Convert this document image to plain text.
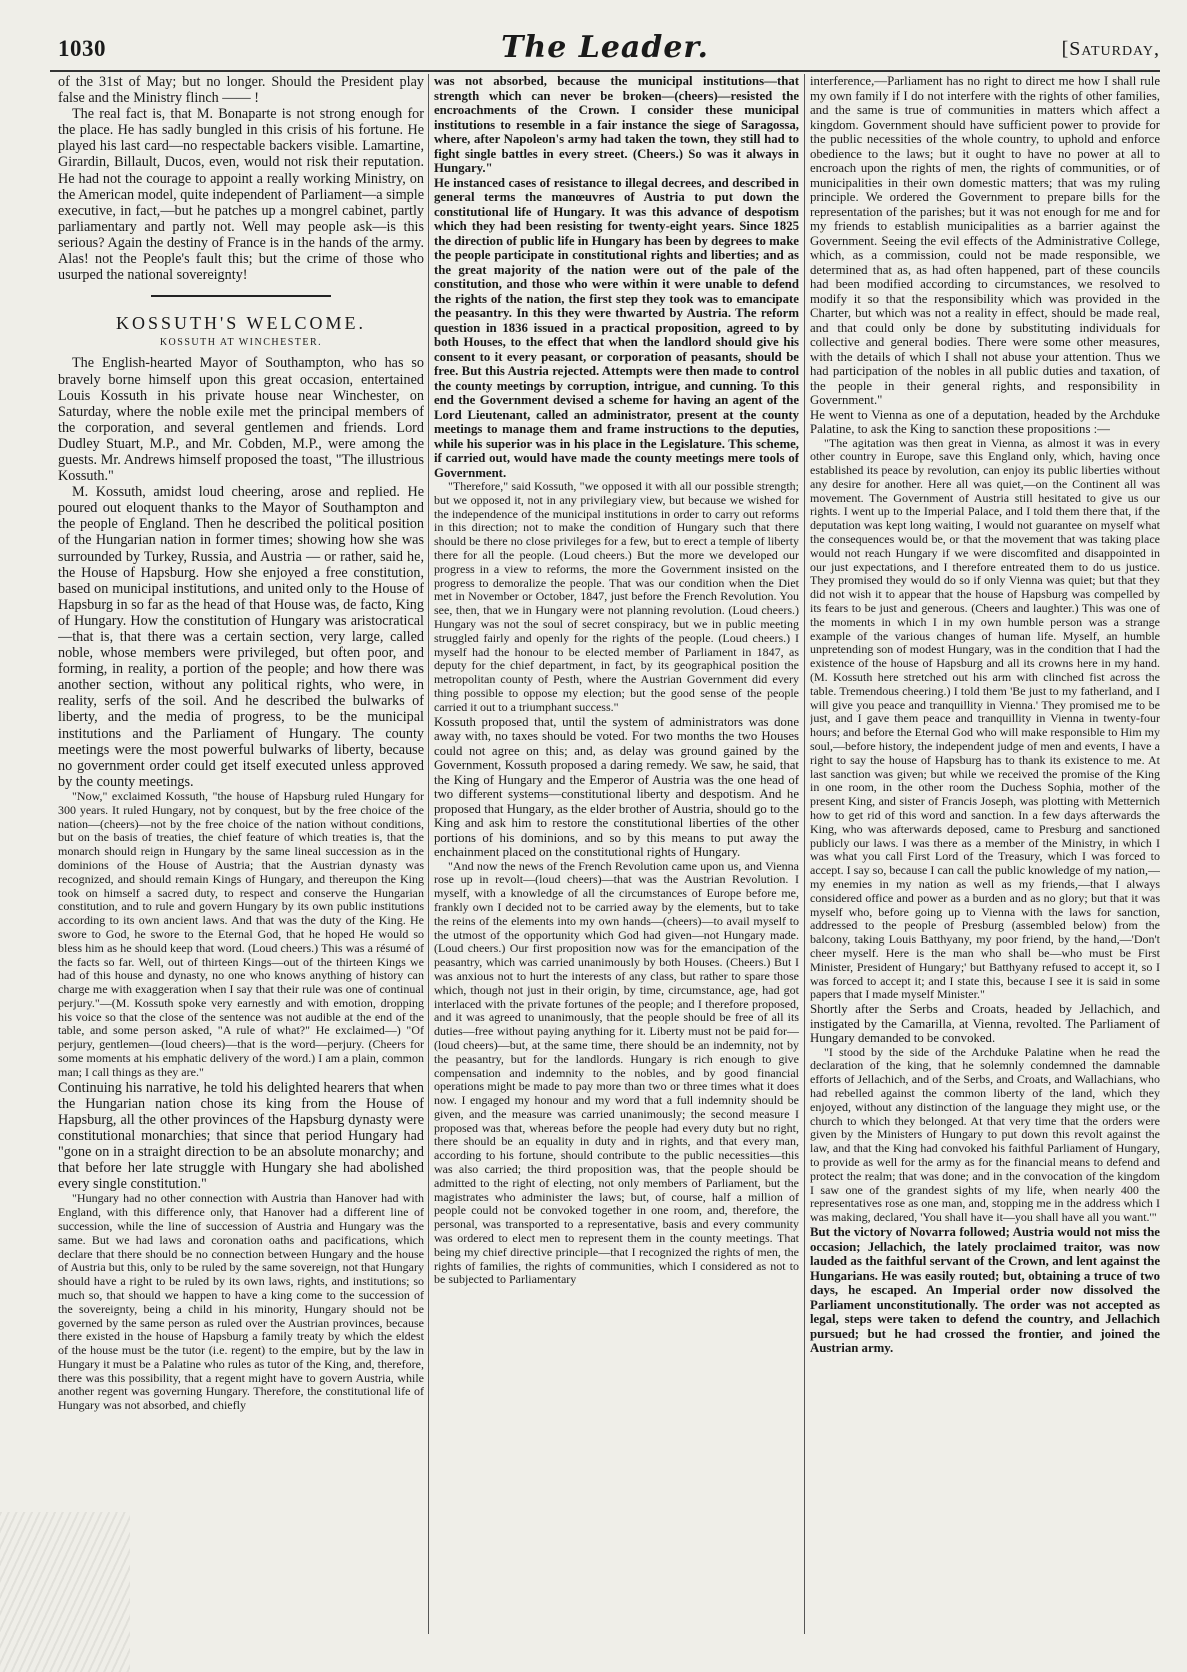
1030	The Leader.	[Saturday,

of the 31st of May; but no longer. Should the President play false and the Ministry flinch —— !

The real fact is, that M. Bonaparte is not strong enough for the place. He has sadly bungled in this crisis of his fortune. He played his last card—no respectable backers visible. Lamartine, Girardin, Billault, Ducos, even, would not risk their reputation. He had not the courage to appoint a really working Ministry, on the American model, quite independent of Parliament—a simple executive, in fact,—but he patches up a mongrel cabinet, partly parliamentary and partly not. Well may people ask—is this serious? Again the destiny of France is in the hands of the army. Alas! not the People's fault this; but the crime of those who usurped the national sovereignty!

KOSSUTH'S WELCOME.
KOSSUTH AT WINCHESTER.

The English-hearted Mayor of Southampton, who has so bravely borne himself upon this great occasion, entertained Louis Kossuth in his private house near Winchester, on Saturday, where the noble exile met the principal members of the corporation, and several gentlemen and friends. Lord Dudley Stuart, M.P., and Mr. Cobden, M.P., were among the guests. Mr. Andrews himself proposed the toast, "The illustrious Kossuth."

M. Kossuth, amidst loud cheering, arose and replied. He poured out eloquent thanks to the Mayor of Southampton and the people of England. Then he described the political position of the Hungarian nation in former times; showing how she was surrounded by Turkey, Russia, and Austria — or rather, said he, the House of Hapsburg. How she enjoyed a free constitution, based on municipal institutions, and united only to the House of Hapsburg in so far as the head of that House was, de facto, King of Hungary. How the constitution of Hungary was aristocratical—that is, that there was a certain section, very large, called noble, whose members were privileged, but often poor, and forming, in reality, a portion of the people; and how there was another section, without any political rights, who were, in reality, serfs of the soil. And he described the bulwarks of liberty, and the media of progress, to be the municipal institutions and the Parliament of Hungary. The county meetings were the most powerful bulwarks of liberty, because no government order could get itself executed unless approved by the county meetings.

"Now," exclaimed Kossuth, "the house of Hapsburg ruled Hungary for 300 years. It ruled Hungary, not by conquest, but by the free choice of the nation—(cheers)—not by the free choice of the nation without conditions, but on the basis of treaties, the chief feature of which treaties is, that the monarch should reign in Hungary by the same lineal succession as in the dominions of the House of Austria; that the Austrian dynasty was recognized, and should remain Kings of Hungary, and thereupon the King took on himself a sacred duty, to respect and conserve the Hungarian constitution, and to rule and govern Hungary by its own public institutions according to its own ancient laws. And that was the duty of the King. He swore to God, he swore to the Eternal God, that he hoped He would so bless him as he should keep that word. (Loud cheers.) This was a résumé of the facts so far. Well, out of thirteen Kings—out of the thirteen Kings we had of this house and dynasty, no one who knows anything of history can charge me with exaggeration when I say that their rule was one of continual perjury."—(M. Kossuth spoke very earnestly and with emotion, dropping his voice so that the close of the sentence was not audible at the end of the table, and some person asked, "A rule of what?" He exclaimed—) "Of perjury, gentlemen—(loud cheers)—that is the word—perjury. (Cheers for some moments at his emphatic delivery of the word.) I am a plain, common man; I call things as they are."

Continuing his narrative, he told his delighted hearers that when the Hungarian nation chose its king from the House of Hapsburg, all the other provinces of the Hapsburg dynasty were constitutional monarchies; that since that period Hungary had "gone on in a straight direction to be an absolute monarchy; and that before her late struggle with Hungary she had abolished every single constitution."

"Hungary had no other connection with Austria than Hanover had with England, with this difference only, that Hanover had a different line of succession, while the line of succession of Austria and Hungary was the same. But we had laws and coronation oaths and pacifications, which declare that there should be no connection between Hungary and the house of Austria but this, only to be ruled by the same sovereign, not that Hungary should have a right to be ruled by its own laws, rights, and institutions; so much so, that should we happen to have a king come to the succession of the sovereignty, being a child in his minority, Hungary should not be governed by the same person as ruled over the Austrian provinces, because there existed in the house of Hapsburg a family treaty by which the eldest of the house must be the tutor (i.e. regent) to the empire, but by the law in Hungary it must be a Palatine who rules as tutor of the King, and, therefore, there was this possibility, that a regent might have to govern Austria, while another regent was governing Hungary. Therefore, the constitutional life of Hungary was not absorbed, and chiefly

was not absorbed, because the municipal institutions—that strength which can never be broken—(cheers)—resisted the encroachments of the Crown. I consider these municipal institutions to resemble in a fair instance the siege of Saragossa, where, after Napoleon's army had taken the town, they still had to fight single battles in every street. (Cheers.) So was it always in Hungary."

He instanced cases of resistance to illegal decrees, and described in general terms the manœuvres of Austria to put down the constitutional life of Hungary. It was this advance of despotism which they had been resisting for twenty-eight years. Since 1825 the direction of public life in Hungary has been by degrees to make the people participate in constitutional rights and liberties; and as the great majority of the nation were out of the pale of the constitution, and those who were within it were unable to defend the rights of the nation, the first step they took was to emancipate the peasantry. In this they were thwarted by Austria. The reform question in 1836 issued in a practical proposition, agreed to by both Houses, to the effect that when the landlord should give his consent to it every peasant, or corporation of peasants, should be free. But this Austria rejected. Attempts were then made to control the county meetings by corruption, intrigue, and cunning. To this end the Government devised a scheme for having an agent of the Lord Lieutenant, called an administrator, present at the county meetings to manage them and frame instructions to the deputies, while his superior was in his place in the Legislature. This scheme, if carried out, would have made the county meetings mere tools of Government.

"Therefore," said Kossuth, "we opposed it with all our possible strength; but we opposed it, not in any privilegiary view, but because we wished for the independence of the municipal institutions in order to carry out reforms in this direction; not to make the condition of Hungary such that there should be there no close privileges for a few, but to erect a temple of liberty there for all the people. (Loud cheers.) But the more we developed our progress in a view to reforms, the more the Government insisted on the progress to demoralize the people. That was our condition when the Diet met in November or October, 1847, just before the French Revolution. You see, then, that we in Hungary were not planning revolution. (Loud cheers.) Hungary was not the soul of secret conspiracy, but we in public meeting struggled fairly and openly for the rights of the people. (Loud cheers.) I myself had the honour to be elected member of Parliament in 1847, as deputy for the chief department, in fact, by its geographical position the metropolitan county of Pesth, where the Austrian Government did every thing possible to oppose my election; but the good sense of the people carried it out to a triumphant success."

Kossuth proposed that, until the system of administrators was done away with, no taxes should be voted. For two months the two Houses could not agree on this; and, as delay was ground gained by the Government, Kossuth proposed a daring remedy. We saw, he said, that the King of Hungary and the Emperor of Austria was the one head of two different systems—constitutional liberty and despotism. And he proposed that Hungary, as the elder brother of Austria, should go to the King and ask him to restore the constitutional liberties of the other portions of his dominions, and so by this means to put away the enchainment placed on the constitutional rights of Hungary.

"And now the news of the French Revolution came upon us, and Vienna rose up in revolt—(loud cheers)—that was the Austrian Revolution. I myself, with a knowledge of all the circumstances of Europe before me, frankly own I decided not to be carried away by the elements, but to take the reins of the elements into my own hands—(cheers)—to avail myself to the utmost of the opportunity which God had given—not Hungary made. (Loud cheers.) Our first proposition now was for the emancipation of the peasantry, which was carried unanimously by both Houses. (Cheers.) But I was anxious not to hurt the interests of any class, but rather to spare those which, though not just in their origin, by time, circumstance, age, had got interlaced with the private fortunes of the people; and I therefore proposed, and it was agreed to unanimously, that the people should be free of all its duties—free without paying anything for it. Liberty must not be paid for—(loud cheers)—but, at the same time, there should be an indemnity, not by the peasantry, but for the landlords. Hungary is rich enough to give compensation and indemnity to the nobles, and by good financial operations might be made to pay more than two or three times what it does now. I engaged my honour and my word that a full indemnity should be given, and the measure was carried unanimously; the second measure I proposed was that, whereas before the people had every duty but no right, there should be an equality in duty and in rights, and that every man, according to his fortune, should contribute to the public necessities—this was also carried; the third proposition was, that the people should be admitted to the right of electing, not only members of Parliament, but the magistrates who administer the laws; but, of course, half a million of people could not be convoked together in one room, and, therefore, the personal, was transported to a representative, basis and every community was ordered to elect men to represent them in the county meetings. That being my chief directive principle—that I recognized the rights of men, the rights of families, the rights of communities, which I considered as not to be subjected to Parliamentary

interference,—Parliament has no right to direct me how I shall rule my own family if I do not interfere with the rights of other families, and the same is true of communities in matters which affect a kingdom. Government should have sufficient power to provide for the public necessities of the whole country, to uphold and enforce obedience to the laws; but it ought to have no power at all to encroach upon the rights of men, the rights of communities, or of municipalities in their own domestic matters; that was my ruling principle. We ordered the Government to prepare bills for the representation of the parishes; but it was not enough for me and for my friends to establish municipalities as a barrier against the Government. Seeing the evil effects of the Administrative College, which, as a commission, could not be made responsible, we determined that as, as had often happened, part of these councils had been modified according to circumstances, we resolved to modify it so that the responsibility which was provided in the Charter, but which was not a reality in effect, should be made real, and that could only be done by substituting individuals for collective and general bodies. There were some other measures, with the details of which I shall not abuse your attention. Thus we had participation of the nobles in all public duties and taxation, of the people in their general rights, and responsibility in Government."

He went to Vienna as one of a deputation, headed by the Archduke Palatine, to ask the King to sanction these propositions :—

"The agitation was then great in Vienna, as almost it was in every other country in Europe, save this England only, which, having once established its peace by revolution, can enjoy its public liberties without any desire for another. Here all was quiet,—on the Continent all was movement. The Government of Austria still hesitated to give us our rights. I went up to the Imperial Palace, and I told them there that, if the deputation was kept long waiting, I would not guarantee on myself what the consequences would be, or that the movement that was taking place would not reach Hungary if we were discomfited and disappointed in our just expectations, and I therefore entreated them to do us justice. They promised they would do so if only Vienna was quiet; but that they did not wish it to appear that the house of Hapsburg was compelled by its fears to be just and generous. (Cheers and laughter.) This was one of the moments in which I in my own humble person was a strange example of the various changes of human life. Myself, an humble unpretending son of modest Hungary, was in the condition that I had the existence of the house of Hapsburg and all its crowns here in my hand. (M. Kossuth here stretched out his arm with clinched fist across the table. Tremendous cheering.) I told them 'Be just to my fatherland, and I will give you peace and tranquillity in Vienna.' They promised me to be just, and I gave them peace and tranquillity in Vienna in twenty-four hours; and before the Eternal God who will make responsible to Him my soul,—before history, the independent judge of men and events, I have a right to say the house of Hapsburg has to thank its existence to me. At last sanction was given; but while we received the promise of the King in one room, in the other room the Duchess Sophia, mother of the present King, and sister of Francis Joseph, was plotting with Metternich how to get rid of this word and sanction. In a few days afterwards the King, who was afterwards deposed, came to Presburg and sanctioned publicly our laws. I was there as a member of the Ministry, in which I was what you call First Lord of the Treasury, which I was forced to accept. I say so, because I can call the public knowledge of my nation,—my enemies in my nation as well as my friends,—that I always considered office and power as a burden and as no glory; but that it was myself who, before going up to Vienna with the laws for sanction, addressed to the people of Presburg (assembled below) from the balcony, taking Louis Batthyany, my poor friend, by the hand,—'Don't cheer myself. Here is the man who shall be—who must be First Minister, President of Hungary;' but Batthyany refused to accept it, so I was forced to accept it; and I state this, because I see it is said in some papers that I made myself Minister."

Shortly after the Serbs and Croats, headed by Jellachich, and instigated by the Camarilla, at Vienna, revolted. The Parliament of Hungary demanded to be convoked.

"I stood by the side of the Archduke Palatine when he read the declaration of the king, that he solemnly condemned the damnable efforts of Jellachich, and of the Serbs, and Croats, and Wallachians, who had rebelled against the common liberty of the land, which they enjoyed, without any distinction of the language they might use, or the church to which they belonged. At that very time that the orders were given by the Ministers of Hungary to put down this revolt against the law, and that the King had convoked his faithful Parliament of Hungary, to provide as well for the army as for the financial means to defend and protect the realm; that was done; and in the convocation of the kingdom I saw one of the grandest sights of my life, when nearly 400 the representatives rose as one man, and, stopping me in the address which I was making, declared, 'You shall have it—you shall have all you want.'"

But the victory of Novarra followed; Austria would not miss the occasion; Jellachich, the lately proclaimed traitor, was now lauded as the faithful servant of the Crown, and lent against the Hungarians. He was easily routed; but, obtaining a truce of two days, he escaped. An Imperial order now dissolved the Parliament unconstitutionally. The order was not accepted as legal, steps were taken to defend the country, and Jellachich pursued; but he had crossed the frontier, and joined the Austrian army.
